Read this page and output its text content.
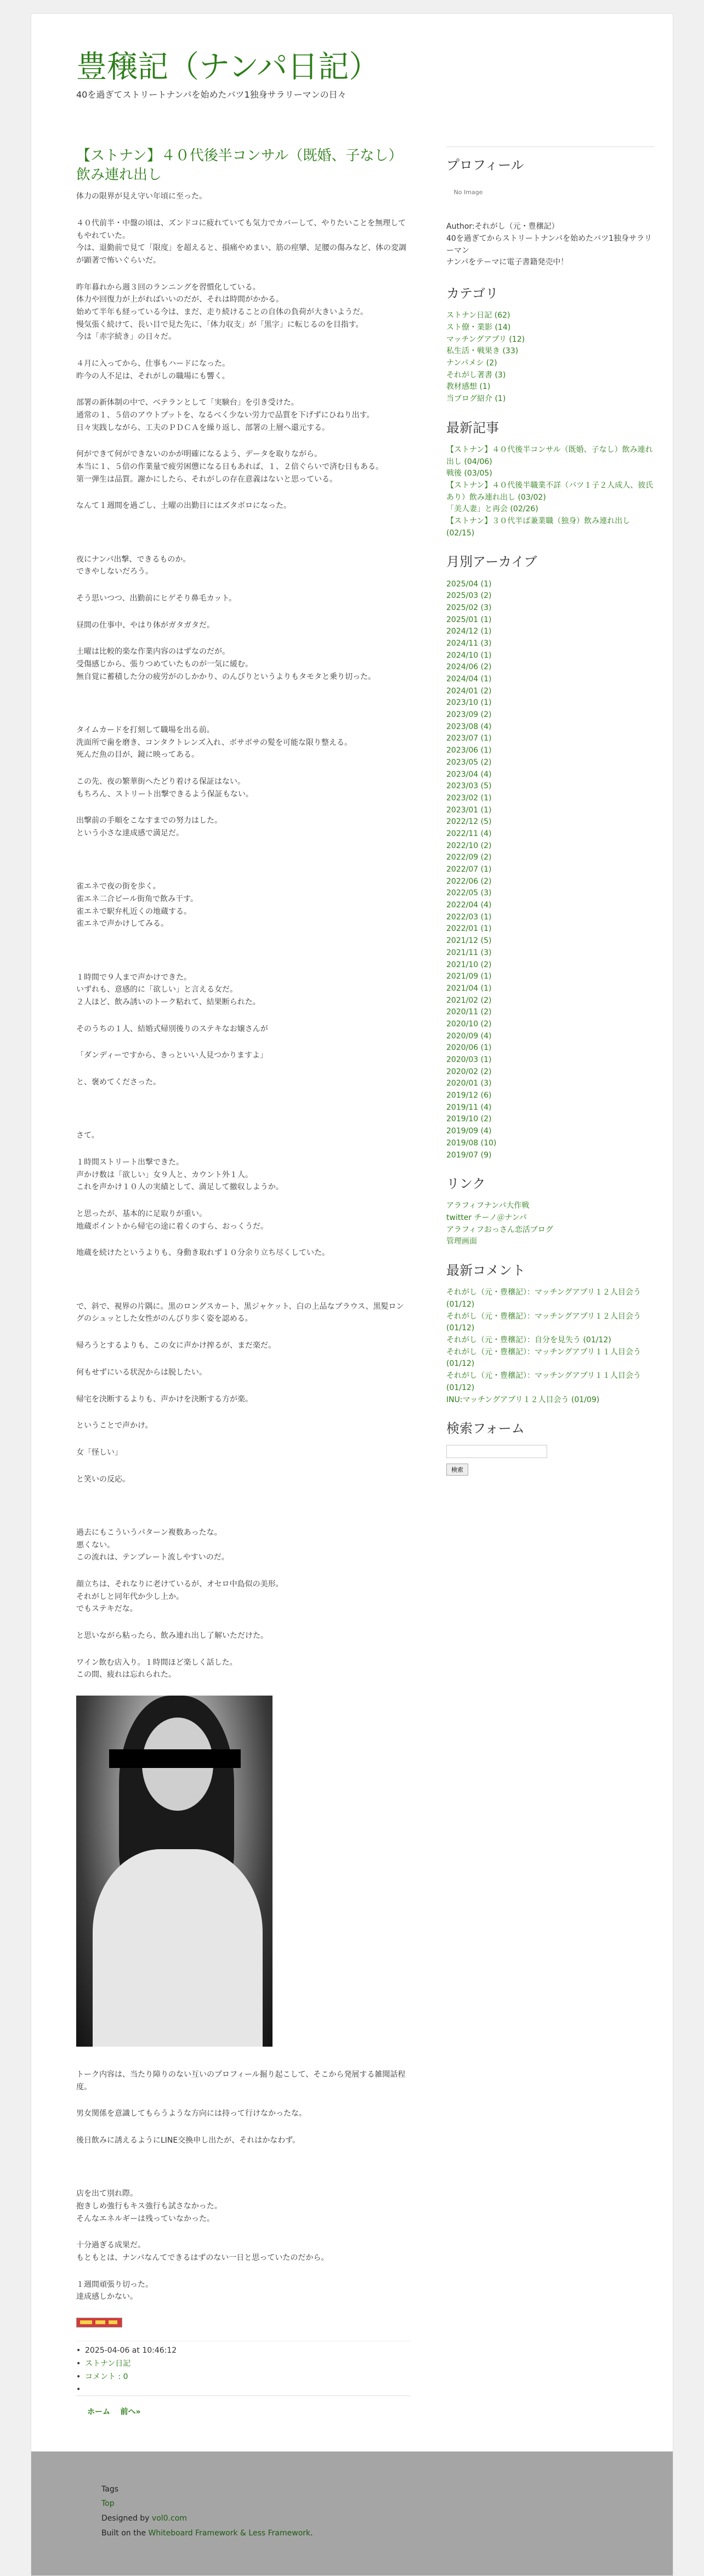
豊穣記（ナンパ日記）
40を過ぎてストリートナンパを始めたバツ1独身サラリーマンの日々
【ストナン】４０代後半コンサル（既婚、子なし）飲み連れ出し

体力の限界が見え守い年頃に至った。

４０代前半・中盤の頃は、ズンドコに疲れていても気力でカバーして、やりたいことを無理してもやれていた。
今は、退勤前で見て「限度」を超えると、損痛やめまい、筋の痙攣、足腰の傷みなど、体の変調が顕著で怖いぐらいだ。

昨年暮れから週３回のランニングを習慣化している。
体力や回復力が上がればいいのだが、それは時間がかかる。
始めて半年も経っている今は、まだ、走り続けることの自体の負荷が大きいようだ。
慢気張く続けて、長い目で見た先に、「体力収支」が「黒字」に転じるのを目指す。
今は「赤字続き」の日々だ。

４月に入ってから、仕事もハードになった。
昨今の人不足は、それがしの職場にも響く。

部署の新体制の中で、ベテランとして「実験台」を引き受けた。
通常の１、５倍のアウトプットを、なるべく少ない労力で品質を下げずにひねり出す。
日々実践しながら、工夫のＰＤＣＡを繰り返し、部署の上層へ還元する。

何ができて何ができないのかが明確になるよう、データを取りながら。
本当に１、５倍の作業量で疲労困憊になる日もあれば、１、２倍ぐらいで済む日もある。
第一弾生は品質。謝かにしたら、それがしの存在意義はないと思っている。

なんて１週間を過ごし、土曜の出勤日にはズタボロになった。

夜にナンパ出撃、できるものか。
できやしないだろう。

そう思いつつ、出勤前にヒゲそり鼻毛カット。

昼間の仕事中、やはり体がガタガタだ。

土曜は比較的楽な作業内容のはずなのだが。
受傷感じから、張りつめていたものが一気に緩む。
無自覚に蓄積した分の疲労がのしかかり、のんびりというよりもタモタと乗り切った。

タイムカードを打刻して職場を出る前。
洗面所で歯を磨き、コンタクトレンズ入れ、ボサボサの髪を可能な限り整える。
死んだ魚の目が、鏡に映ってある。

この先、夜の繁華街へたどり着ける保証はない。
もちろん、ストリート出撃できるよう保証もない。

出撃前の手順をこなすまでの努力はした。
という小さな達成感で満足だ。

雀エネで夜の街を歩く。
雀エネ二合ビール街角で飲み干す。
雀エネで駅弁札近くの地蔵する。
雀エネで声かけしてみる。

１時間で９人まで声かけできた。
いずれも、意感的に「欲しい」と言える女だ。
２人ほど、飲み誘いのトーク粘れて、結果断られた。

そのうちの１人、結婚式帰別後りのステキなお嬢さんが

「ダンディーですから、きっといい人見つかりますよ」

と、褒めてくださった。

さて。

１時間ストリート出撃できた。
声かけ数は「欲しい」女９人と、カウント外１人。
これを声かけ１０人の実績として、満足して撤収しようか。

と思ったが、基本的に足取りが重い。
地蔵ポイントから帰宅の途に着くのすら、おっくうだ。

地蔵を続けたというよりも、身動き取れず１０分余り立ち尽くしていた。

で、斜で、視界の片隅に。黒のロングスカート、黒ジャケット、白の上品なブラウス、黒髪ロングのシュッとした女性がのんびり歩く姿を認める。

帰ろうとするよりも、この女に声かけ搾るが、まだ楽だ。

何もせずにいる状況からは脱したい。

帰宅を決断するよりも、声かけを決断する方が楽。

ということで声かけ。

女「怪しい」

と笑いの反応。

過去にもこういうパターン複数あったな。
悪くない。
この流れは、テンプレート流しやすいのだ。

顔立ちは、それなりに老けているが、オセロ中島似の美形。
それがしと同年代か少し上か。
でもステキだな。

と思いながら粘ったら、飲み連れ出し了解いただけた。

ワイン飲む店入り。１時間ほど楽しく話した。
この間、疲れは忘れられた。

トーク内容は、当たり障りのない互いのプロフィール掘り起こして、そこから発展する雑聞話程度。

男女関係を意識してもらうような方向には持って行けなかったな。

後日飲みに誘えるようにLINE交換申し出たが、それはかなわず。

店を出て別れ際。
抱きしめ強行もキス強行も試さなかった。
そんなエネルギーは残っていなかった。

十分過ぎる成果だ。
もともとは、ナンパなんてできるはずのない一日と思っていたのだから。

１週間頑張り切った。
達成感しかない。

• 2025-04-06 at 10:46:12
• ストナン日記
• コメント : 0
ホーム 前へ»
プロフィール
No Image
Author:それがし（元・豊穣記）
40を過ぎてからストリートナンパを始めたバツ1独身サラリーマン
ナンパをテーマに電子書籍発売中！
カテゴリ
ストナン日記 (62)
スト僚・業影 (14)
マッチングアプリ (12)
私生活・戦果き (33)
ナンパメシ (2)
それがし著書 (3)
教材感想 (1)
当ブログ紹介 (1)
最新記事
【ストナン】４０代後半コンサル（既婚、子なし）飲み連れ出し (04/06)
戦後 (03/05)
【ストナン】４０代後半職業不詳（バツ１子２人成人、彼氏あり）飲み連れ出し (03/02)
「美人妻」と再会 (02/26)
【ストナン】３０代半ば兼業職（独身）飲み連れ出し (02/15)
月別アーカイブ
2025/04 (1)
2025/03 (2)
2025/02 (3)
2025/01 (1)
2024/12 (1)
2024/11 (3)
2024/10 (1)
2024/06 (2)
2024/04 (1)
2024/01 (2)
2023/10 (1)
2023/09 (2)
2023/08 (4)
2023/07 (1)
2023/06 (1)
2023/05 (2)
2023/04 (4)
2023/03 (5)
2023/02 (1)
2023/01 (1)
2022/12 (5)
2022/11 (4)
2022/10 (2)
2022/09 (2)
2022/07 (1)
2022/06 (2)
2022/05 (3)
2022/04 (4)
2022/03 (1)
2022/01 (1)
2021/12 (5)
2021/11 (3)
2021/10 (2)
2021/09 (1)
2021/04 (1)
2021/02 (2)
2020/11 (2)
2020/10 (2)
2020/09 (4)
2020/06 (1)
2020/03 (1)
2020/02 (2)
2020/01 (3)
2019/12 (6)
2019/11 (4)
2019/10 (2)
2019/09 (4)
2019/08 (10)
2019/07 (9)
リンク
アラフィフナンパ大作戦
twitter チーノ＠ナンパ
アラフィフおっさん恋活ブログ
管理画面
最新コメント
それがし（元・豊穣記）：マッチングアプリ１２人目会う (01/12)
それがし（元・豊穣記）：マッチングアプリ１２人目会う (01/12)
それがし（元・豊穣記）：自分を見失う (01/12)
それがし（元・豊穣記）：マッチングアプリ１１人目会う (01/12)
それがし（元・豊穣記）：マッチングアプリ１１人目会う (01/12)
INU:マッチングアプリ１２人目会う (01/09)
検索フォーム
検索
Tags
Top
Designed by vol0.com
Built on the Whiteboard Framework & Less Framework.
